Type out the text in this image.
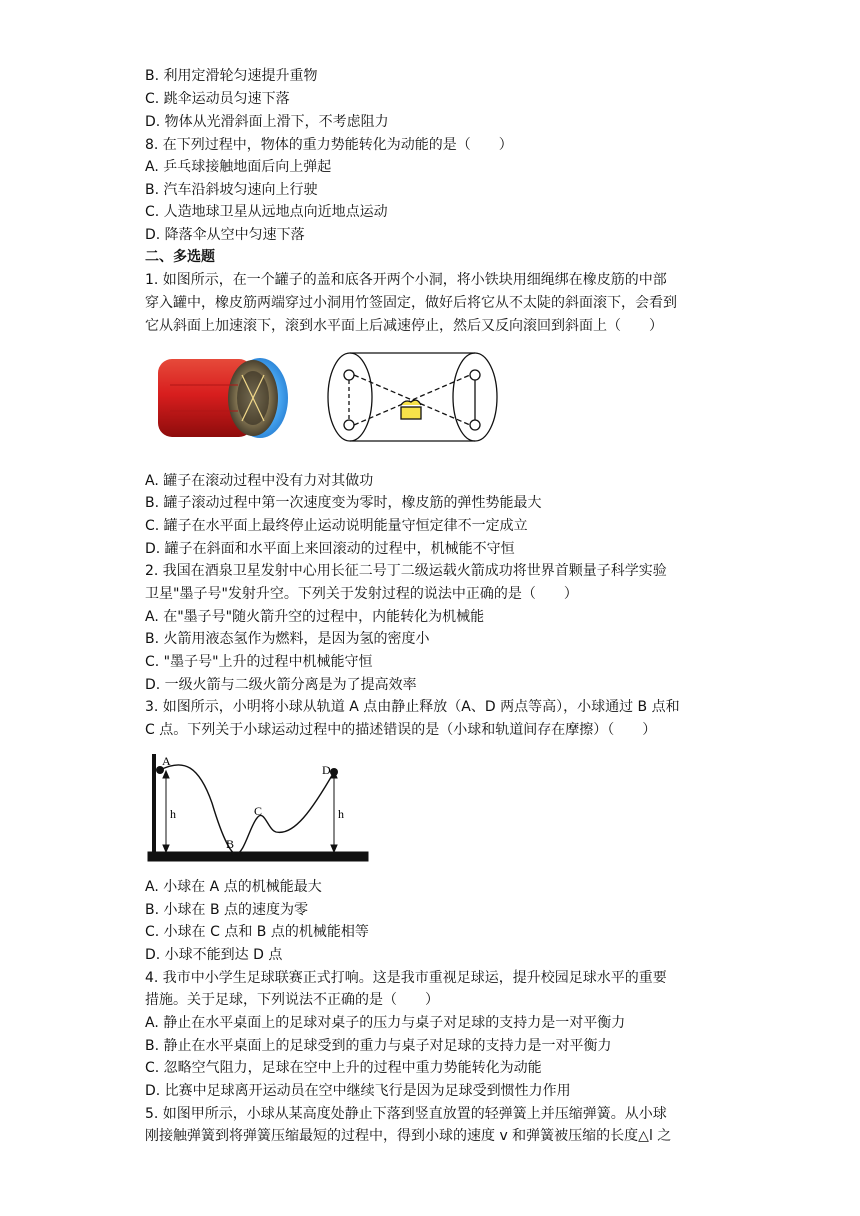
B. 利用定滑轮匀速提升重物
C. 跳伞运动员匀速下落
D. 物体从光滑斜面上滑下，不考虑阻力
8. 在下列过程中，物体的重力势能转化为动能的是（　　）
A. 乒乓球接触地面后向上弹起
B. 汽车沿斜坡匀速向上行驶
C. 人造地球卫星从远地点向近地点运动
D. 降落伞从空中匀速下落
二、多选题
1. 如图所示，在一个罐子的盖和底各开两个小洞，将小铁块用细绳绑在橡皮筋的中部
穿入罐中，橡皮筋两端穿过小洞用竹签固定，做好后将它从不太陡的斜面滚下，会看到
它从斜面上加速滚下，滚到水平面上后减速停止，然后又反向滚回到斜面上（　　）
A. 罐子在滚动过程中没有力对其做功
B. 罐子滚动过程中第一次速度变为零时，橡皮筋的弹性势能最大
C. 罐子在水平面上最终停止运动说明能量守恒定律不一定成立
D. 罐子在斜面和水平面上来回滚动的过程中，机械能不守恒
2. 我国在酒泉卫星发射中心用长征二号丁二级运载火箭成功将世界首颗量子科学实验
卫星"墨子号"发射升空。下列关于发射过程的说法中正确的是（　　）
A. 在"墨子号"随火箭升空的过程中，内能转化为机械能
B. 火箭用液态氢作为燃料，是因为氢的密度小
C. "墨子号"上升的过程中机械能守恒
D. 一级火箭与二级火箭分离是为了提高效率
3. 如图所示，小明将小球从轨道 A 点由静止释放（A、D 两点等高），小球通过 B 点和
C 点。下列关于小球运动过程中的描述错误的是（小球和轨道间存在摩擦）（　　）
A
B
C
D
h	h
A. 小球在 A 点的机械能最大
B. 小球在 B 点的速度为零
C. 小球在 C 点和 B 点的机械能相等
D. 小球不能到达 D 点
4. 我市中小学生足球联赛正式打响。这是我市重视足球运，提升校园足球水平的重要
措施。关于足球，下列说法不正确的是（　　）
A. 静止在水平桌面上的足球对桌子的压力与桌子对足球的支持力是一对平衡力
B. 静止在水平桌面上的足球受到的重力与桌子对足球的支持力是一对平衡力
C. 忽略空气阻力，足球在空中上升的过程中重力势能转化为动能
D. 比赛中足球离开运动员在空中继续飞行是因为足球受到惯性力作用
5. 如图甲所示，小球从某高度处静止下落到竖直放置的轻弹簧上并压缩弹簧。从小球
刚接触弹簧到将弹簧压缩最短的过程中，得到小球的速度 v 和弹簧被压缩的长度△l 之
